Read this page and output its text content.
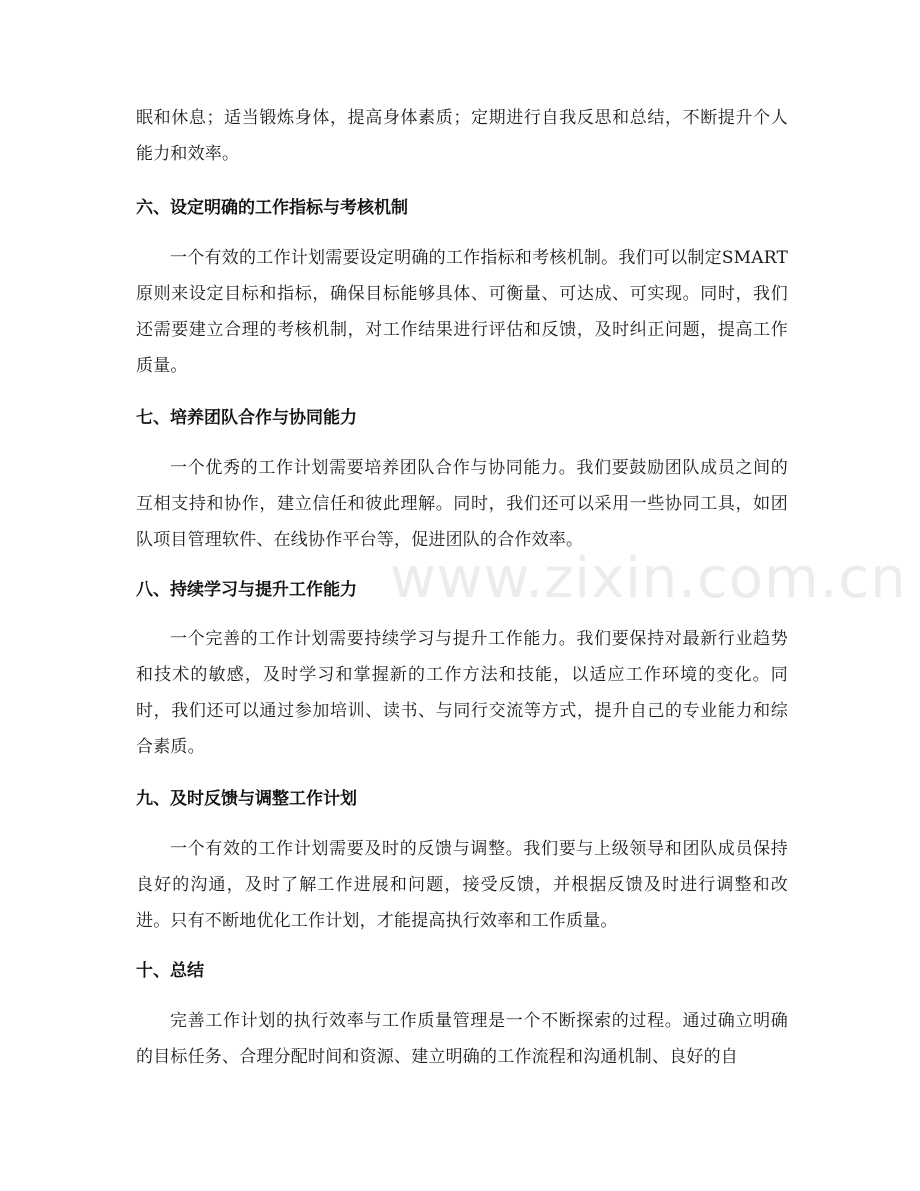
眠和休息；适当锻炼身体，提高身体素质；定期进行自我反思和总结，不断提升个人能力和效率。
六、设定明确的工作指标与考核机制
一个有效的工作计划需要设定明确的工作指标和考核机制。我们可以制定SMART原则来设定目标和指标，确保目标能够具体、可衡量、可达成、可实现。同时，我们还需要建立合理的考核机制，对工作结果进行评估和反馈，及时纠正问题，提高工作质量。
七、培养团队合作与协同能力
一个优秀的工作计划需要培养团队合作与协同能力。我们要鼓励团队成员之间的互相支持和协作，建立信任和彼此理解。同时，我们还可以采用一些协同工具，如团队项目管理软件、在线协作平台等，促进团队的合作效率。
八、持续学习与提升工作能力
一个完善的工作计划需要持续学习与提升工作能力。我们要保持对最新行业趋势和技术的敏感，及时学习和掌握新的工作方法和技能，以适应工作环境的变化。同时，我们还可以通过参加培训、读书、与同行交流等方式，提升自己的专业能力和综合素质。
九、及时反馈与调整工作计划
一个有效的工作计划需要及时的反馈与调整。我们要与上级领导和团队成员保持良好的沟通，及时了解工作进展和问题，接受反馈，并根据反馈及时进行调整和改进。只有不断地优化工作计划，才能提高执行效率和工作质量。
十、总结
完善工作计划的执行效率与工作质量管理是一个不断探索的过程。通过确立明确的目标任务、合理分配时间和资源、建立明确的工作流程和沟通机制、良好的自
www.zixin.com.cn
